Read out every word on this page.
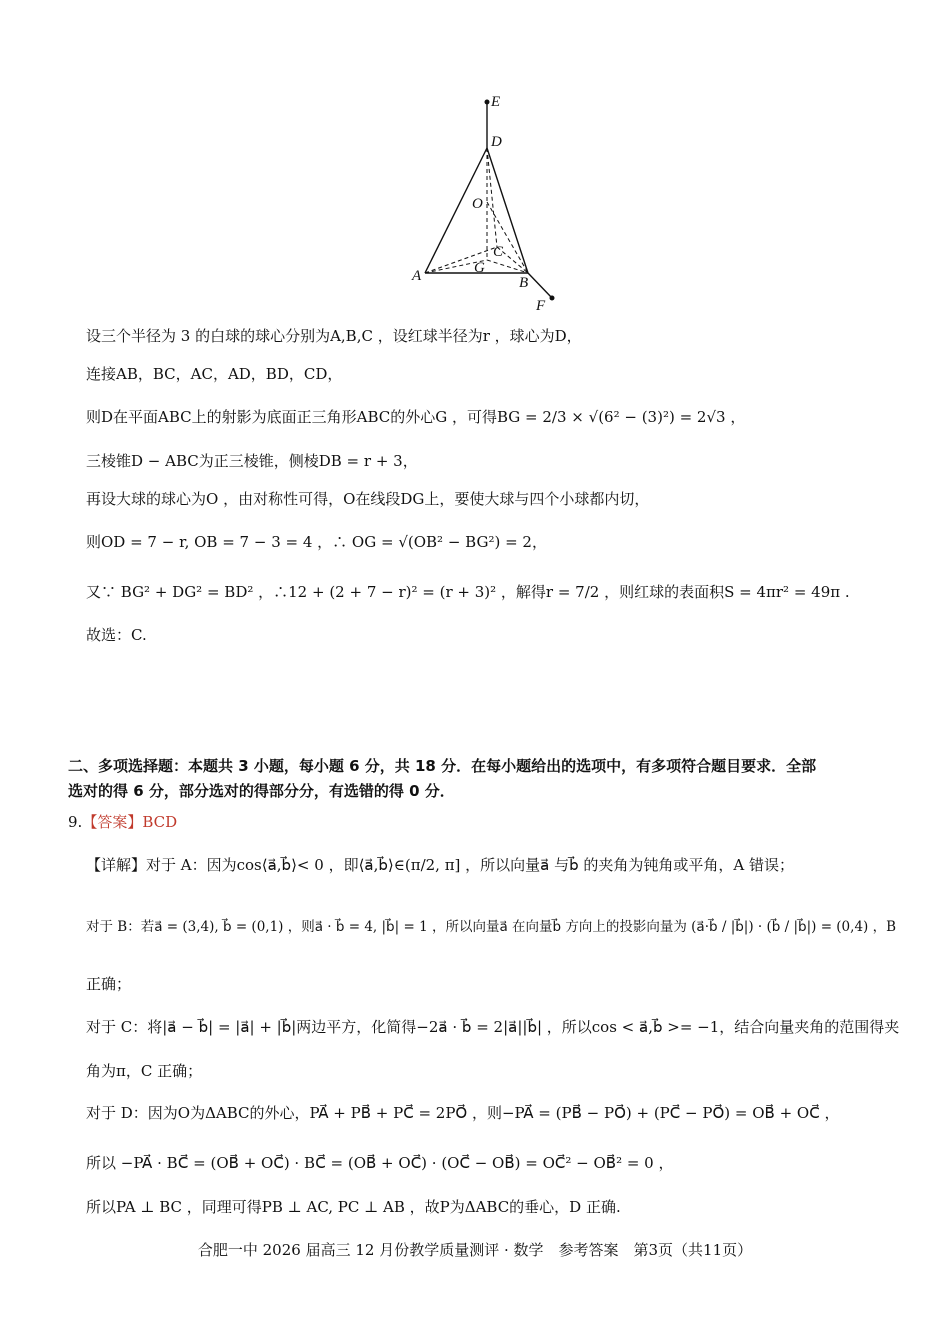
E
D
O
C
G
A	B
F
设三个半径为 3 的白球的球心分别为A,B,C ，设红球半径为r ，球心为D，
连接AB，BC，AC，AD，BD，CD，
则D在平面ABC上的射影为底面正三角形ABC的外心G ，可得BG = 2/3 × √(6² − (3)²) = 2√3 ，
三棱锥D − ABC为正三棱锥，侧棱DB = r + 3，
再设大球的球心为O ，由对称性可得，O在线段DG上，要使大球与四个小球都内切，
则OD = 7 − r, OB = 7 − 3 = 4 ，∴ OG = √(OB² − BG²) = 2，
又∵ BG² + DG² = BD² ，∴12 + (2 + 7 − r)² = (r + 3)² ，解得r = 7/2 ，则红球的表面积S = 4πr² = 49π .
故选：C.
二、多项选择题：本题共 3 小题，每小题 6 分，共 18 分．在每小题给出的选项中，有多项符合题目要求．全部
选对的得 6 分，部分选对的得部分分，有选错的得 0 分．
9.【答案】BCD
【详解】对于 A：因为cos⟨a⃗,b⃗⟩< 0 ，即⟨a⃗,b⃗⟩∈(π/2, π] ，所以向量a⃗ 与b⃗ 的夹角为钝角或平角，A 错误；
对于 B：若a⃗ = (3,4), b⃗ = (0,1) ，则a⃗ · b⃗ = 4, |b⃗| = 1 ，所以向量a⃗ 在向量b⃗ 方向上的投影向量为 (a⃗·b⃗ / |b⃗|) · (b⃗ / |b⃗|) = (0,4) ，B
正确；
对于 C：将|a⃗ − b⃗| = |a⃗| + |b⃗|两边平方，化简得−2a⃗ · b⃗ = 2|a⃗||b⃗| ，所以cos < a⃗,b⃗ >= −1，结合向量夹角的范围得夹
角为π，C 正确；
对于 D：因为O为ΔABC的外心，PA⃗ + PB⃗ + PC⃗ = 2PO⃗ ，则−PA⃗ = (PB⃗ − PO⃗) + (PC⃗ − PO⃗) = OB⃗ + OC⃗ ，
所以 −PA⃗ · BC⃗ = (OB⃗ + OC⃗) · BC⃗ = (OB⃗ + OC⃗) · (OC⃗ − OB⃗) = OC⃗² − OB⃗² = 0 ，
所以PA ⊥ BC ，同理可得PB ⊥ AC, PC ⊥ AB ，故P为ΔABC的垂心，D 正确.
合肥一中 2026 届高三 12 月份教学质量测评 · 数学　参考答案　第3页（共11页）
